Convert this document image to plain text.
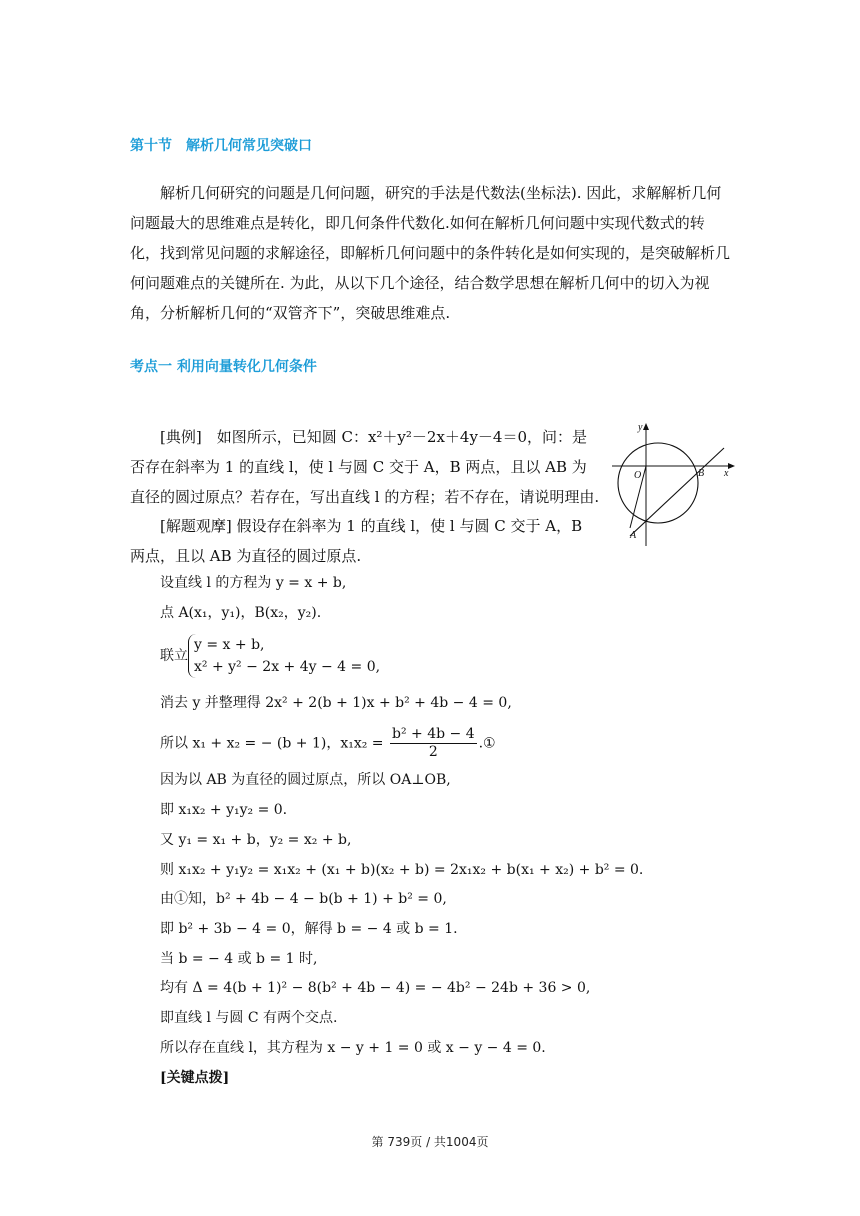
第十节　解析几何常见突破口
解析几何研究的问题是几何问题，研究的手法是代数法(坐标法). 因此，求解解析几何问题最大的思维难点是转化，即几何条件代数化.如何在解析几何问题中实现代数式的转化，找到常见问题的求解途径，即解析几何问题中的条件转化是如何实现的，是突破解析几何问题难点的关键所在. 为此，从以下几个途径，结合数学思想在解析几何中的切入为视角，分析解析几何的“双管齐下”，突破思维难点.
考点一 利用向量转化几何条件
[典例]　如图所示，已知圆 C：x²＋y²－2x＋4y－4＝0，问：是否存在斜率为 1 的直线 l，使 l 与圆 C 交于 A，B 两点，且以 AB 为直径的圆过原点？若存在，写出直线 l 的方程；若不存在，请说明理由.
[解题观摩] 假设存在斜率为 1 的直线 l，使 l 与圆 C 交于 A，B 两点，且以 AB 为直径的圆过原点.
y
x
O	B
A
设直线 l 的方程为 y = x + b,
点 A(x₁，y₁)，B(x₂，y₂).
联立
y = x + b,
x² + y² − 2x + 4y − 4 = 0,
消去 y 并整理得 2x² + 2(b + 1)x + b² + 4b − 4 = 0,
所以 x₁ + x₂ = − (b + 1)，$x_1x_2 = \frac{\text{b² + 4b − 4}}{2}$ .①
因为以 AB 为直径的圆过原点，所以 OA⊥OB,
即 x₁x₂ + y₁y₂ = 0.
又 y₁ = x₁ + b，y₂ = x₂ + b,
则 x₁x₂ + y₁y₂ = x₁x₂ + (x₁ + b)(x₂ + b) = 2x₁x₂ + b(x₁ + x₂) + b² = 0.
由①知，b² + 4b − 4 − b(b + 1) + b² = 0,
即 b² + 3b − 4 = 0，解得 b = − 4 或 b = 1.
当 b = − 4 或 b = 1 时,
均有 Δ = 4(b + 1)² − 8(b² + 4b − 4) = − 4b² − 24b + 36 > 0,
即直线 l 与圆 C 有两个交点.
所以存在直线 l，其方程为 x − y + 1 = 0 或 x − y − 4 = 0.
[关键点拨]
第 739页 / 共1004页
